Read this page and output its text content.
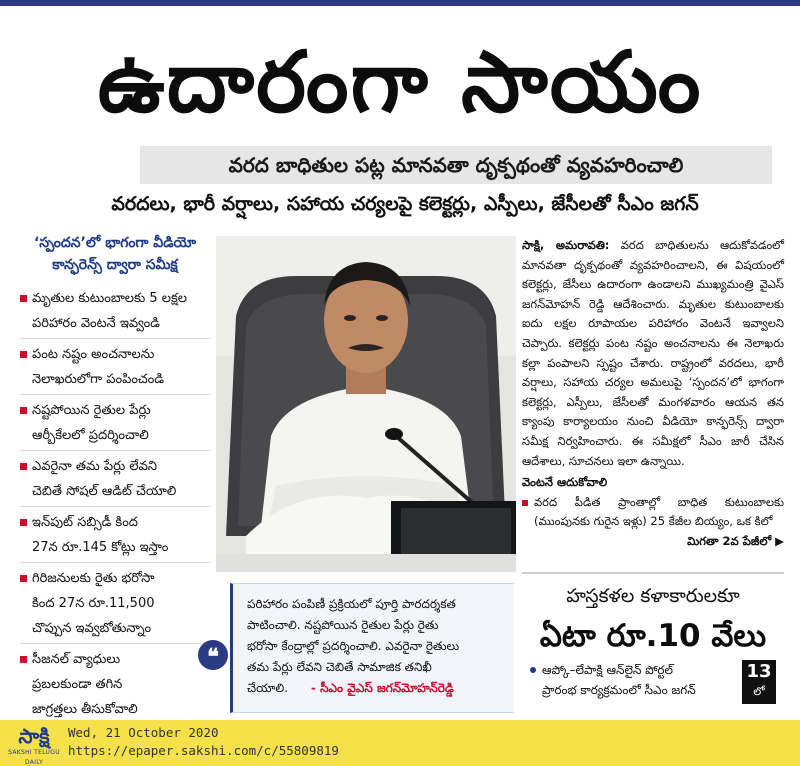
ఉదారంగా సాయం
వరద బాధితుల పట్ల మానవతా దృక్పథంతో వ్యవహరించాలి
వరదలు, భారీ వర్షాలు, సహాయ చర్యలపై కలెక్టర్లు, ఎస్పీలు, జేసీలతో సీఎం జగన్
‘స్పందన’లో భాగంగా వీడియో
కాన్ఫరెన్స్ ద్వారా సమీక్ష
మృతుల కుటుంబాలకు 5 లక్షల
పరిహారం వెంటనే ఇవ్వండి
పంట నష్టం అంచనాలను
నెలాఖరులోగా పంపించండి
నష్టపోయిన రైతుల పేర్లు
ఆర్బీకేలలో ప్రదర్శించాలి
ఎవరైనా తమ పేర్లు లేవని
చెబితే సోషల్ ఆడిట్ చేయాలి
ఇన్‌పుట్ సబ్సిడీ కింద
27న రూ.145 కోట్లు ఇస్తాం
గిరిజనులకు రైతు భరోసా
కింద 27న రూ.11,500
చొప్పున ఇవ్వబోతున్నాం
సీజనల్ వ్యాధులు
ప్రబలకుండా తగిన
జాగ్రత్తలు తీసుకోవాలి
❝
పరిహారం పంపిణీ ప్రక్రియలో పూర్తి పారదర్శకత
పాటించాలి. నష్టపోయిన రైతుల పేర్లు రైతు
భరోసా కేంద్రాల్లో ప్రదర్శించాలి. ఎవరైనా రైతులు
తమ పేర్లు లేవని చెబితే సామాజిక తనిఖీ
చేయాలి. - సీఎం వైఎస్ జగన్‌మోహన్‌రెడ్డి

సాక్షి, అమరావతి: వరద బాధితులను ఆదుకోవడంలో మానవతా దృక్పథంతో వ్యవహరించాలని, ఈ విషయంలో కలెక్టర్లు, జేసీలు ఉదారంగా ఉండాలని ముఖ్యమంత్రి వైఎస్ జగన్‌మోహన్ రెడ్డి ఆదేశించారు. మృతుల కుటుంబాలకు ఐదు లక్షల రూపాయల పరిహారం వెంటనే ఇవ్వాలని చెప్పారు. కలెక్టర్లు పంట నష్టం అంచనాలను ఈ నెలాఖరు కల్లా పంపాలని స్పష్టం చేశారు. రాష్ట్రంలో వరదలు, భారీ వర్షాలు, సహాయ చర్యల అమలుపై ‘స్పందన’లో భాగంగా కలెక్టర్లు, ఎస్పీలు, జేసీలతో మంగళవారం ఆయన తన క్యాంపు కార్యాలయం నుంచి వీడియో కాన్ఫరెన్స్ ద్వారా సమీక్ష నిర్వహించారు. ఈ సమీక్షలో సీఎం జారీ చేసిన ఆదేశాలు, సూచనలు ఇలా ఉన్నాయి.

వెంటనే ఆదుకోవాలి
వరద పీడిత ప్రాంతాల్లో బాధిత కుటుంబాలకు (ముంపునకు గురైన ఇళ్లు) 25 కేజీల బియ్యం, ఒక కిలో
మిగతా 2వ పేజీలో ▶
హస్తకళల కళాకారులకూ
ఏటా రూ.10 వేలు
ఆప్కో–లేపాక్షి ఆన్‌లైన్ పోర్టల్
ప్రారంభ కార్యక్రమంలో సీఎం జగన్
13
లో
సాక్షి
SAKSHI TELUGU DAILY
Wed, 21 October 2020
https://epaper.sakshi.com/c/55809819
